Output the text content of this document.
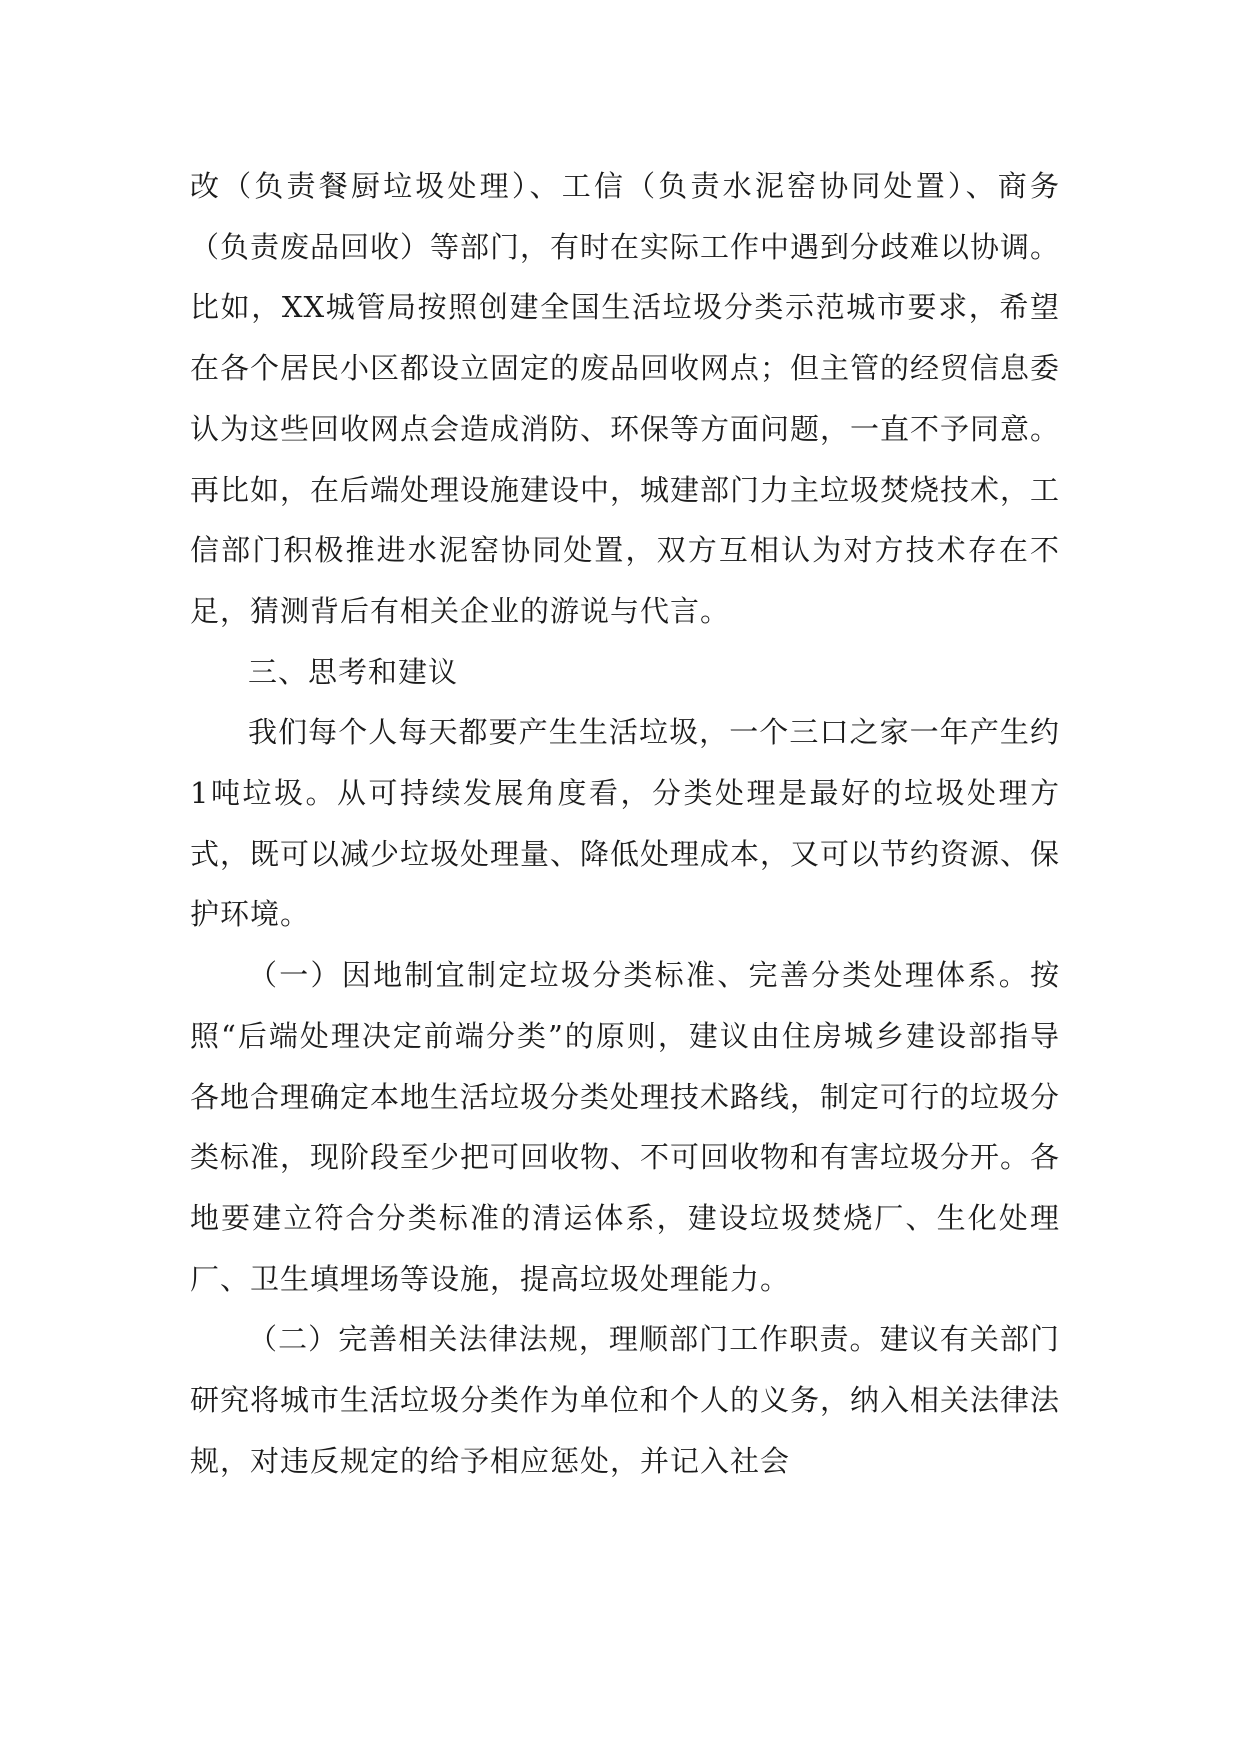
改（负责餐厨垃圾处理）、工信（负责水泥窑协同处置）、商务（负责废品回收）等部门，有时在实际工作中遇到分歧难以协调。比如，XX城管局按照创建全国生活垃圾分类示范城市要求，希望在各个居民小区都设立固定的废品回收网点；但主管的经贸信息委认为这些回收网点会造成消防、环保等方面问题，一直不予同意。再比如，在后端处理设施建设中，城建部门力主垃圾焚烧技术，工信部门积极推进水泥窑协同处置，双方互相认为对方技术存在不足，猜测背后有相关企业的游说与代言。

三、思考和建议

我们每个人每天都要产生生活垃圾，一个三口之家一年产生约1吨垃圾。从可持续发展角度看，分类处理是最好的垃圾处理方式，既可以减少垃圾处理量、降低处理成本，又可以节约资源、保护环境。

（一）因地制宜制定垃圾分类标准、完善分类处理体系。按照“后端处理决定前端分类”的原则，建议由住房城乡建设部指导各地合理确定本地生活垃圾分类处理技术路线，制定可行的垃圾分类标准，现阶段至少把可回收物、不可回收物和有害垃圾分开。各地要建立符合分类标准的清运体系，建设垃圾焚烧厂、生化处理厂、卫生填埋场等设施，提高垃圾处理能力。

（二）完善相关法律法规，理顺部门工作职责。建议有关部门研究将城市生活垃圾分类作为单位和个人的义务，纳入相关法律法规，对违反规定的给予相应惩处，并记入社会
